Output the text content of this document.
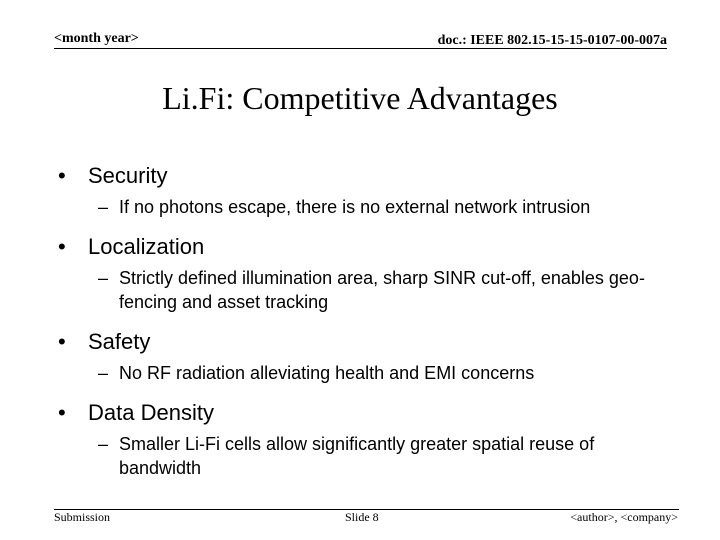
<month year>	doc.: IEEE 802.15-15-15-0107-00-007a
Li.Fi: Competitive Advantages
• Security
– If no photons escape, there is no external network intrusion
• Localization
– Strictly defined illumination area, sharp SINR cut-off, enables geo-fencing and asset tracking
• Safety
– No RF radiation alleviating health and EMI concerns
• Data Density
– Smaller Li-Fi cells allow significantly greater spatial reuse of bandwidth
Submission	Slide 8	<author>, <company>
